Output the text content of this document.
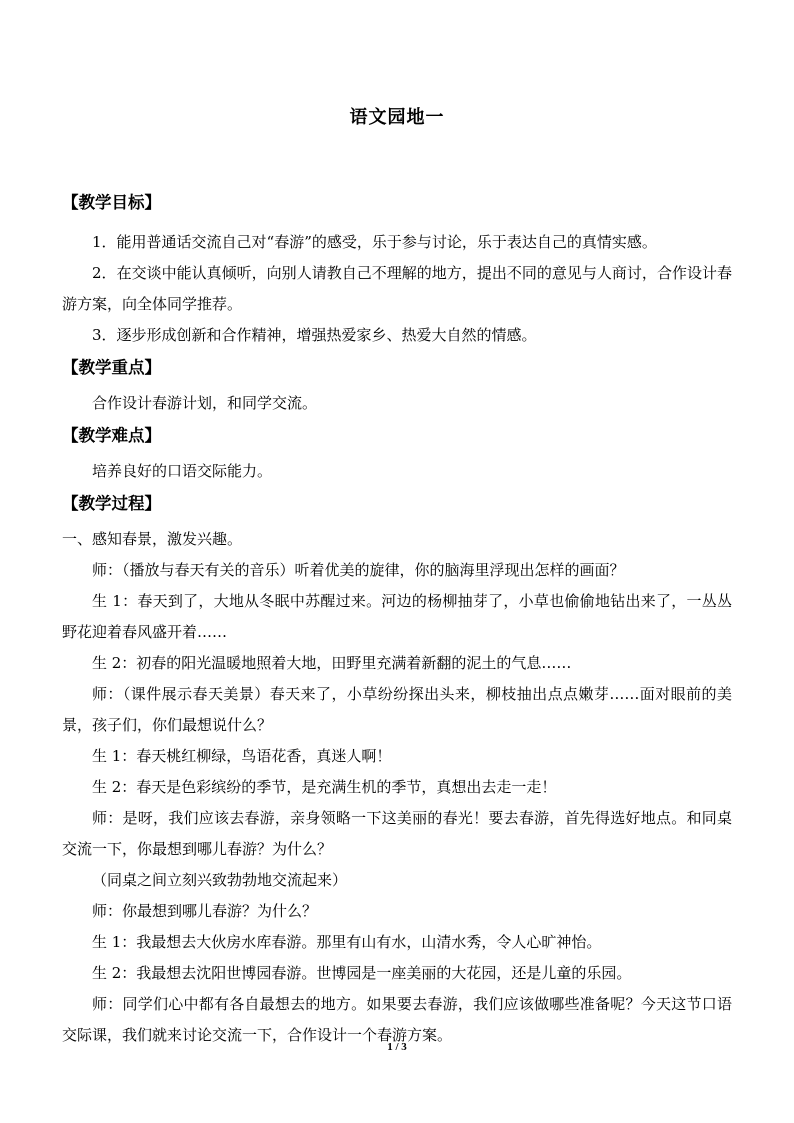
语文园地一

【教学目标】

1．能用普通话交流自己对“春游”的感受，乐于参与讨论，乐于表达自己的真情实感。

2．在交谈中能认真倾听，向别人请教自己不理解的地方，提出不同的意见与人商讨，合作设计春游方案，向全体同学推荐。

3．逐步形成创新和合作精神，增强热爱家乡、热爱大自然的情感。

【教学重点】

合作设计春游计划，和同学交流。

【教学难点】

培养良好的口语交际能力。

【教学过程】

一、感知春景，激发兴趣。

师：（播放与春天有关的音乐）听着优美的旋律，你的脑海里浮现出怎样的画面？

生 1：春天到了，大地从冬眠中苏醒过来。河边的杨柳抽芽了，小草也偷偷地钻出来了，一丛丛野花迎着春风盛开着……

生 2：初春的阳光温暖地照着大地，田野里充满着新翻的泥土的气息……

师：（课件展示春天美景）春天来了，小草纷纷探出头来，柳枝抽出点点嫩芽……面对眼前的美景，孩子们，你们最想说什么？

生 1：春天桃红柳绿，鸟语花香，真迷人啊！

生 2：春天是色彩缤纷的季节，是充满生机的季节，真想出去走一走！

师：是呀，我们应该去春游，亲身领略一下这美丽的春光！要去春游，首先得选好地点。和同桌交流一下，你最想到哪儿春游？为什么？

（同桌之间立刻兴致勃勃地交流起来）

师：你最想到哪儿春游？为什么？

生 1：我最想去大伙房水库春游。那里有山有水，山清水秀，令人心旷神怡。

生 2：我最想去沈阳世博园春游。世博园是一座美丽的大花园，还是儿童的乐园。

师：同学们心中都有各自最想去的地方。如果要去春游，我们应该做哪些准备呢？今天这节口语交际课，我们就来讨论交流一下，合作设计一个春游方案。

1 / 3
